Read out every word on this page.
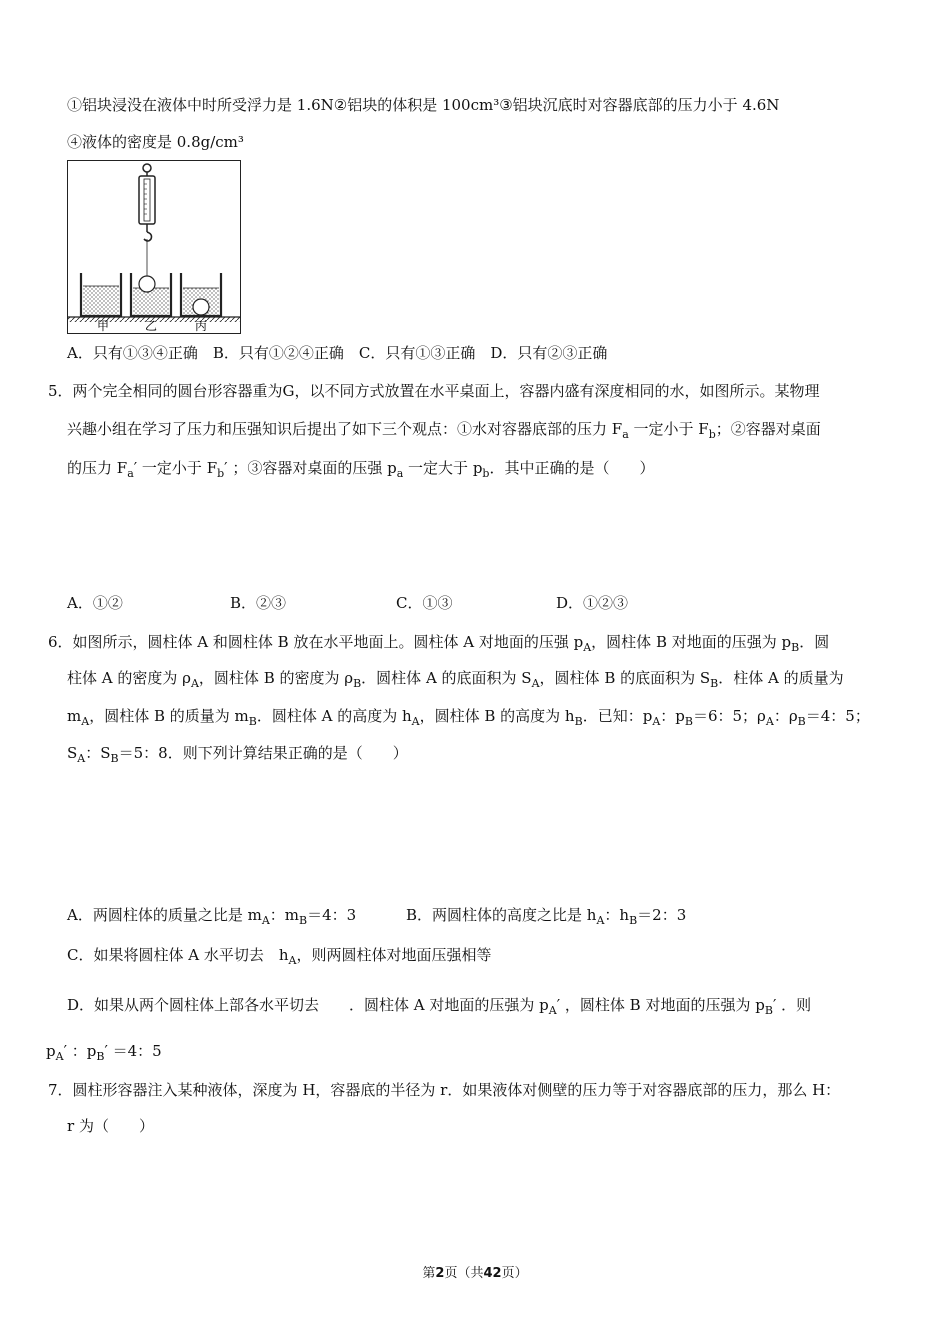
①铝块浸没在液体中时所受浮力是 1.6N②铝块的体积是 100cm³③铝块沉底时对容器底部的压力小于 4.6N
④液体的密度是 0.8g/cm³
甲	乙	丙
A．只有①③④正确　B．只有①②④正确　C．只有①③正确　D．只有②③正确
5．两个完全相同的圆台形容器重为G，以不同方式放置在水平桌面上，容器内盛有深度相同的水，如图所示。某物理
兴趣小组在学习了压力和压强知识后提出了如下三个观点：①水对容器底部的压力 $F_a$ 一定小于 $F_b$；②容器对桌面
的压力 $F_a'$ 一定小于 $F_b'$ ；③容器对桌面的压强 $p_a$ 一定大于 $p_b$．其中正确的是（　　）
A．①②	B．②③	C．①③	D．①②③
6．如图所示，圆柱体 A 和圆柱体 B 放在水平地面上。圆柱体 A 对地面的压强 $p_A$，圆柱体 B 对地面的压强为 $p_B$．圆
柱体 A 的密度为 $\rho_A$，圆柱体 B 的密度为 $\rho_B$．圆柱体 A 的底面积为 $S_A$，圆柱体 B 的底面积为 $S_B$．柱体 A 的质量为
$m_A$，圆柱体 B 的质量为 $m_B$．圆柱体 A 的高度为 $h_A$，圆柱体 B 的高度为 $h_B$．已知：$p_A$：$p_B=6$：5；$\rho_A$：$\rho_B=4$：5；
$S_A$：$S_B=5$：8．则下列计算结果正确的是（　　）
A．两圆柱体的质量之比是 $m_A$：$m_B=4$：3	B．两圆柱体的高度之比是 $h_A$：$h_B=2$：3
C．如果将圆柱体 A 水平切去　$h_A$，则两圆柱体对地面压强相等
D．如果从两个圆柱体上部各水平切去　　．圆柱体 A 对地面的压强为 $p_A'$ ，圆柱体 B 对地面的压强为 $p_B'$ ．则
$p_A'$ ：$p_B' =4$：5
7．圆柱形容器注入某种液体，深度为 H，容器底的半径为 r．如果液体对侧壁的压力等于对容器底部的压力，那么 H：
r 为（　　）
第2页（共42页）
